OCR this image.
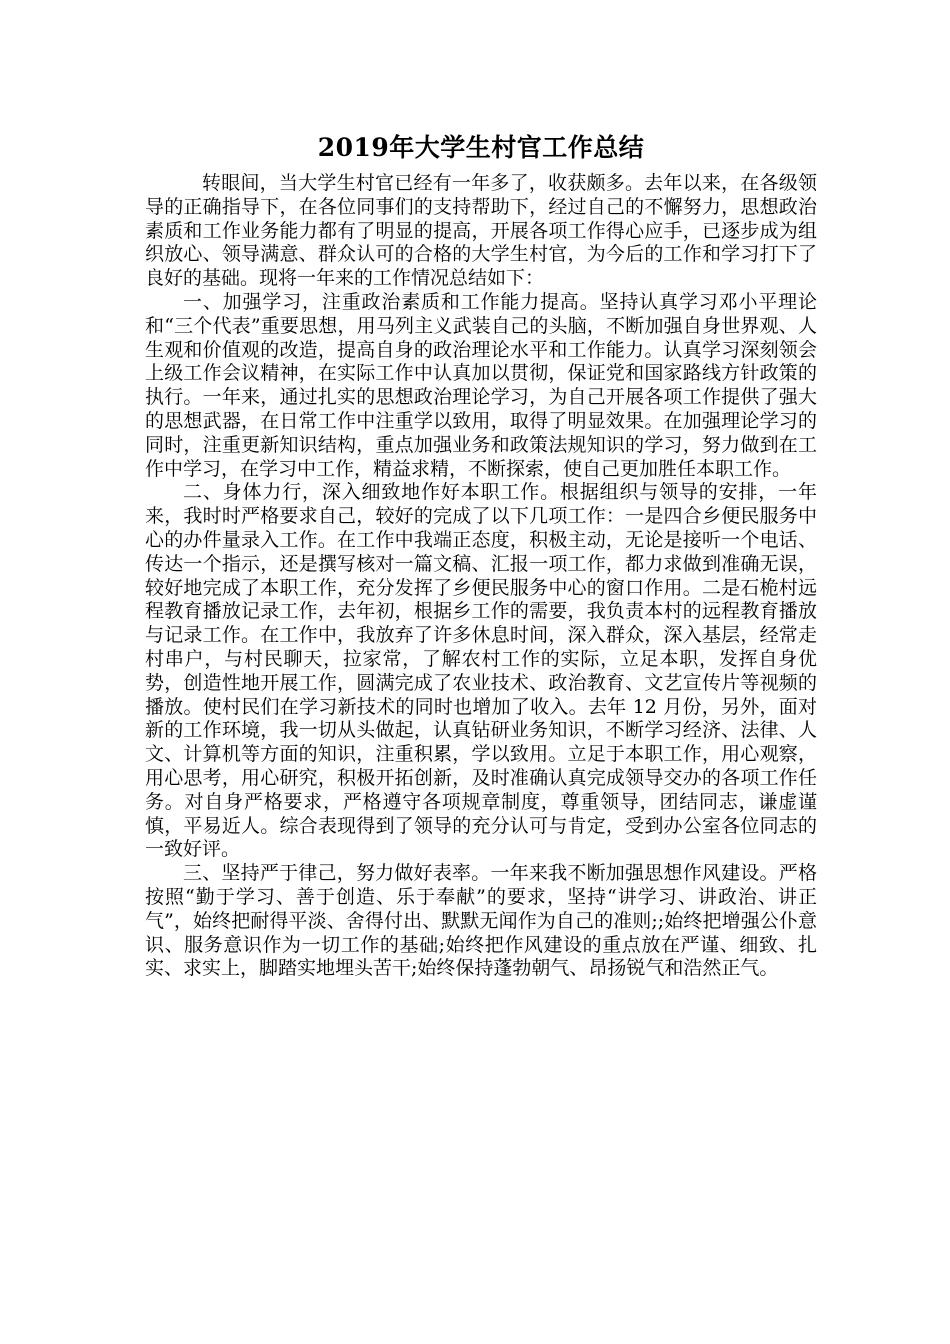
2019年大学生村官工作总结

转眼间，当大学生村官已经有一年多了，收获颇多。去年以来，在各级领导的正确指导下，在各位同事们的支持帮助下，经过自己的不懈努力，思想政治素质和工作业务能力都有了明显的提高，开展各项工作得心应手，已逐步成为组织放心、领导满意、群众认可的合格的大学生村官，为今后的工作和学习打下了良好的基础。现将一年来的工作情况总结如下：

一、加强学习，注重政治素质和工作能力提高。坚持认真学习邓小平理论和“三个代表”重要思想，用马列主义武装自己的头脑，不断加强自身世界观、人生观和价值观的改造，提高自身的政治理论水平和工作能力。认真学习深刻领会上级工作会议精神，在实际工作中认真加以贯彻，保证党和国家路线方针政策的执行。一年来，通过扎实的思想政治理论学习，为自己开展各项工作提供了强大的思想武器，在日常工作中注重学以致用，取得了明显效果。在加强理论学习的同时，注重更新知识结构，重点加强业务和政策法规知识的学习，努力做到在工作中学习，在学习中工作，精益求精，不断探索，使自己更加胜任本职工作。

二、身体力行，深入细致地作好本职工作。根据组织与领导的安排，一年来，我时时严格要求自己，较好的完成了以下几项工作：一是四合乡便民服务中心的办件量录入工作。在工作中我端正态度，积极主动，无论是接听一个电话、传达一个指示，还是撰写核对一篇文稿、汇报一项工作，都力求做到准确无误，较好地完成了本职工作，充分发挥了乡便民服务中心的窗口作用。二是石桅村远程教育播放记录工作，去年初，根据乡工作的需要，我负责本村的远程教育播放与记录工作。在工作中，我放弃了许多休息时间，深入群众，深入基层，经常走村串户，与村民聊天，拉家常，了解农村工作的实际，立足本职，发挥自身优势，创造性地开展工作，圆满完成了农业技术、政治教育、文艺宣传片等视频的播放。使村民们在学习新技术的同时也增加了收入。去年 12 月份，另外，面对新的工作环境，我一切从头做起，认真钻研业务知识，不断学习经济、法律、人文、计算机等方面的知识，注重积累，学以致用。立足于本职工作，用心观察，用心思考，用心研究，积极开拓创新，及时准确认真完成领导交办的各项工作任务。对自身严格要求，严格遵守各项规章制度，尊重领导，团结同志，谦虚谨慎，平易近人。综合表现得到了领导的充分认可与肯定，受到办公室各位同志的一致好评。

三、坚持严于律己，努力做好表率。一年来我不断加强思想作风建设。严格按照“勤于学习、善于创造、乐于奉献”的要求，坚持“讲学习、讲政治、讲正气”，始终把耐得平淡、舍得付出、默默无闻作为自己的准则;;始终把增强公仆意识、服务意识作为一切工作的基础;始终把作风建设的重点放在严谨、细致、扎实、求实上，脚踏实地埋头苦干;始终保持蓬勃朝气、昂扬锐气和浩然正气。
